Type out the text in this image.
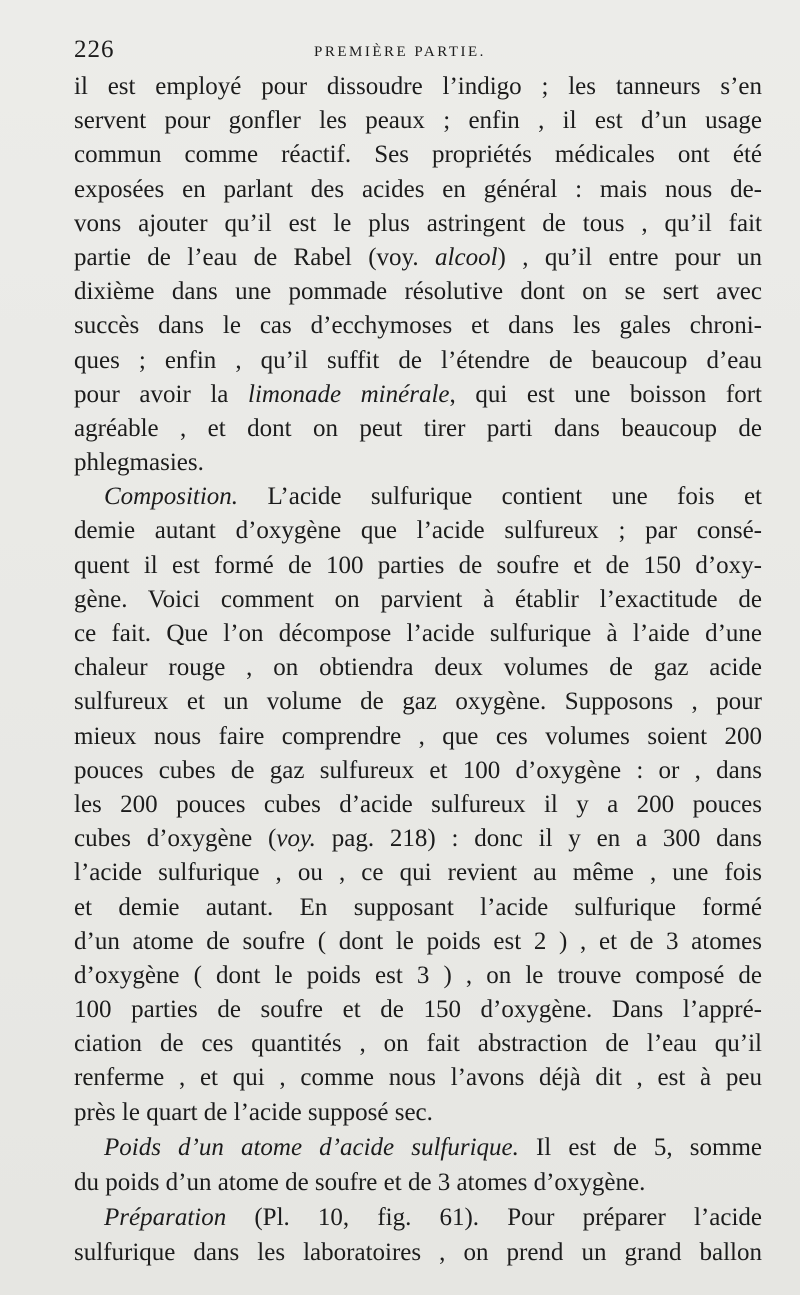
226	PREMIÈRE PARTIE.
il est employé pour dissoudre l’indigo ; les tanneurs s’en
servent pour gonfler les peaux ; enfin , il est d’un usage
commun comme réactif. Ses propriétés médicales ont été
exposées en parlant des acides en général : mais nous de-
vons ajouter qu’il est le plus astringent de tous , qu’il fait
partie de l’eau de Rabel (voy. alcool) , qu’il entre pour un
dixième dans une pommade résolutive dont on se sert avec
succès dans le cas d’ecchymoses et dans les gales chroni-
ques ; enfin , qu’il suffit de l’étendre de beaucoup d’eau
pour avoir la limonade minérale, qui est une boisson fort
agréable , et dont on peut tirer parti dans beaucoup de
phlegmasies.
Composition. L’acide sulfurique contient une fois et
demie autant d’oxygène que l’acide sulfureux ; par consé-
quent il est formé de 100 parties de soufre et de 150 d’oxy-
gène. Voici comment on parvient à établir l’exactitude de
ce fait. Que l’on décompose l’acide sulfurique à l’aide d’une
chaleur rouge , on obtiendra deux volumes de gaz acide
sulfureux et un volume de gaz oxygène. Supposons , pour
mieux nous faire comprendre , que ces volumes soient 200
pouces cubes de gaz sulfureux et 100 d’oxygène : or , dans
les 200 pouces cubes d’acide sulfureux il y a 200 pouces
cubes d’oxygène (voy. pag. 218) : donc il y en a 300 dans
l’acide sulfurique , ou , ce qui revient au même , une fois
et demie autant. En supposant l’acide sulfurique formé
d’un atome de soufre ( dont le poids est 2 ) , et de 3 atomes
d’oxygène ( dont le poids est 3 ) , on le trouve composé de
100 parties de soufre et de 150 d’oxygène. Dans l’appré-
ciation de ces quantités , on fait abstraction de l’eau qu’il
renferme , et qui , comme nous l’avons déjà dit , est à peu
près le quart de l’acide supposé sec.
Poids d’un atome d’acide sulfurique. Il est de 5, somme
du poids d’un atome de soufre et de 3 atomes d’oxygène.
Préparation (Pl. 10, fig. 61). Pour préparer l’acide
sulfurique dans les laboratoires , on prend un grand ballon
